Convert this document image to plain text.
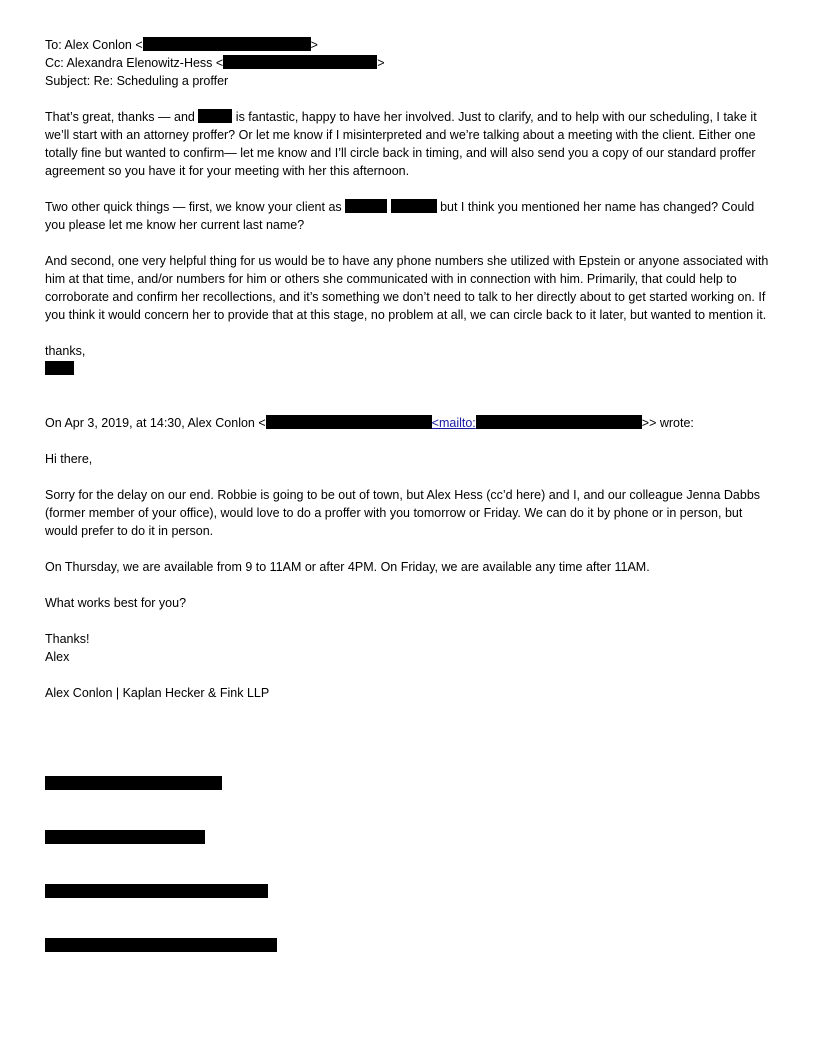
To: Alex Conlon <	>
Cc: Alexandra Elenowitz-Hess <	>
Subject: Re: Scheduling a proffer
That’s great, thanks — and	is fantastic, happy to have her involved. Just to clarify, and to help with our scheduling, I take it we’ll start with an attorney proffer? Or let me know if I misinterpreted and we’re talking about a meeting with the client. Either one totally fine but wanted to confirm— let me know and I’ll circle back in timing, and will also send you a copy of our standard proffer agreement so you have it for your meeting with her this afternoon.
Two other quick things — first, we know your client as	but I think you mentioned her name has changed? Could you please let me know her current last name?
And second, one very helpful thing for us would be to have any phone numbers she utilized with Epstein or anyone associated with him at that time, and/or numbers for him or others she communicated with in connection with him. Primarily, that could help to corroborate and confirm her recollections, and it’s something we don’t need to talk to her directly about to get started working on. If you think it would concern her to provide that at this stage, no problem at all, we can circle back to it later, but wanted to mention it.
thanks,
On Apr 3, 2019, at 14:30, Alex Conlon <	<mailto:	>> wrote:
Hi there,
Sorry for the delay on our end. Robbie is going to be out of town, but Alex Hess (cc’d here) and I, and our colleague Jenna Dabbs (former member of your office), would love to do a proffer with you tomorrow or Friday. We can do it by phone or in person, but would prefer to do it in person.
On Thursday, we are available from 9 to 11AM or after 4PM. On Friday, we are available any time after 11AM.
What works best for you?
Thanks!
Alex
Alex Conlon | Kaplan Hecker & Fink LLP
